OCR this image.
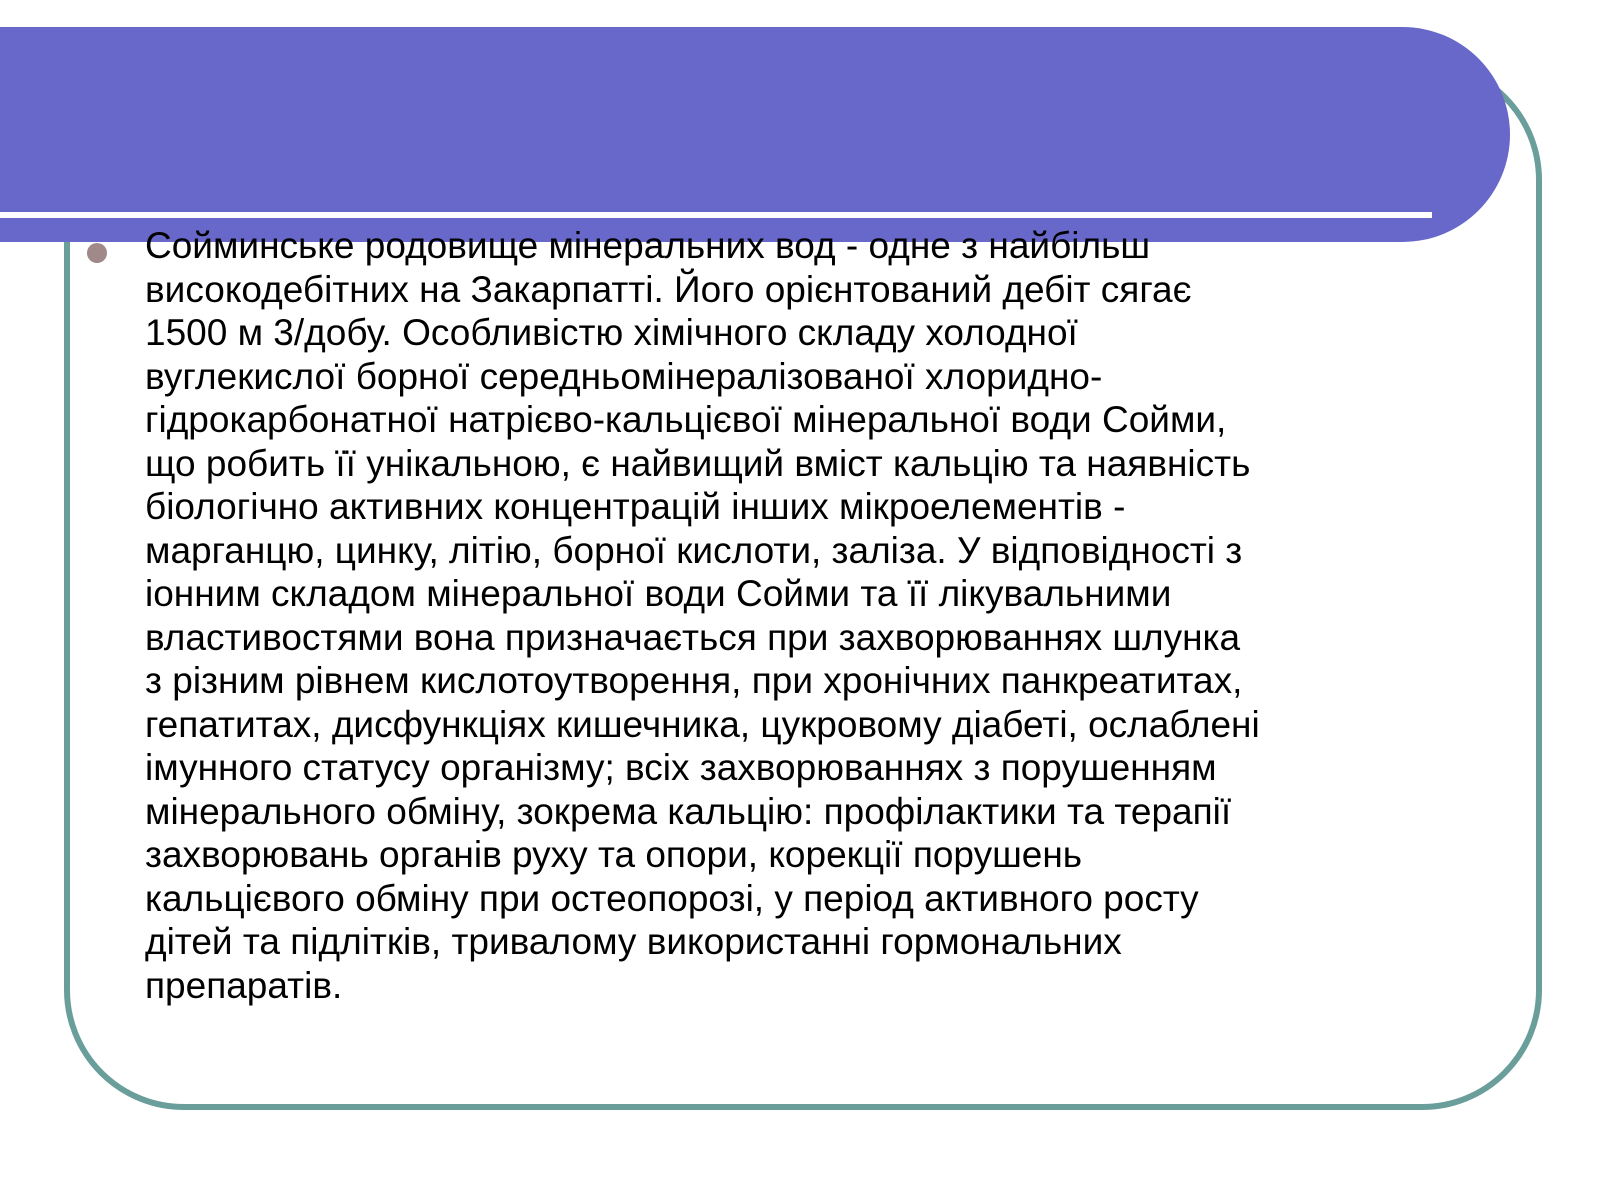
Сойминське родовище мінеральних вод - одне з найбільш
високодебітних на Закарпатті. Його орієнтований дебіт сягає
1500 м 3/добу. Особливістю хімічного складу холодної
вуглекислої борної середньомінералізованої хлоридно-
гідрокарбонатної натрієво-кальцієвої мінеральної води Сойми,
що робить її унікальною, є найвищий вміст кальцію та наявність
біологічно активних концентрацій інших мікроелементів -
марганцю, цинку, літію, борної кислоти, заліза. У відповідності з
іонним складом мінеральної води Сойми та її лікувальними
властивостями вона призначається при захворюваннях шлунка
з різним рівнем кислотоутворення, при хронічних панкреатитах,
гепатитах, дисфункціях кишечника, цукровому діабеті, ослаблені
імунного статусу організму; всіх захворюваннях з порушенням
мінерального обміну, зокрема кальцію: профілактики та терапії
захворювань органів руху та опори, корекції порушень
кальцієвого обміну при остеопорозі, у період активного росту
дітей та підлітків, тривалому використанні гормональних
препаратів.
